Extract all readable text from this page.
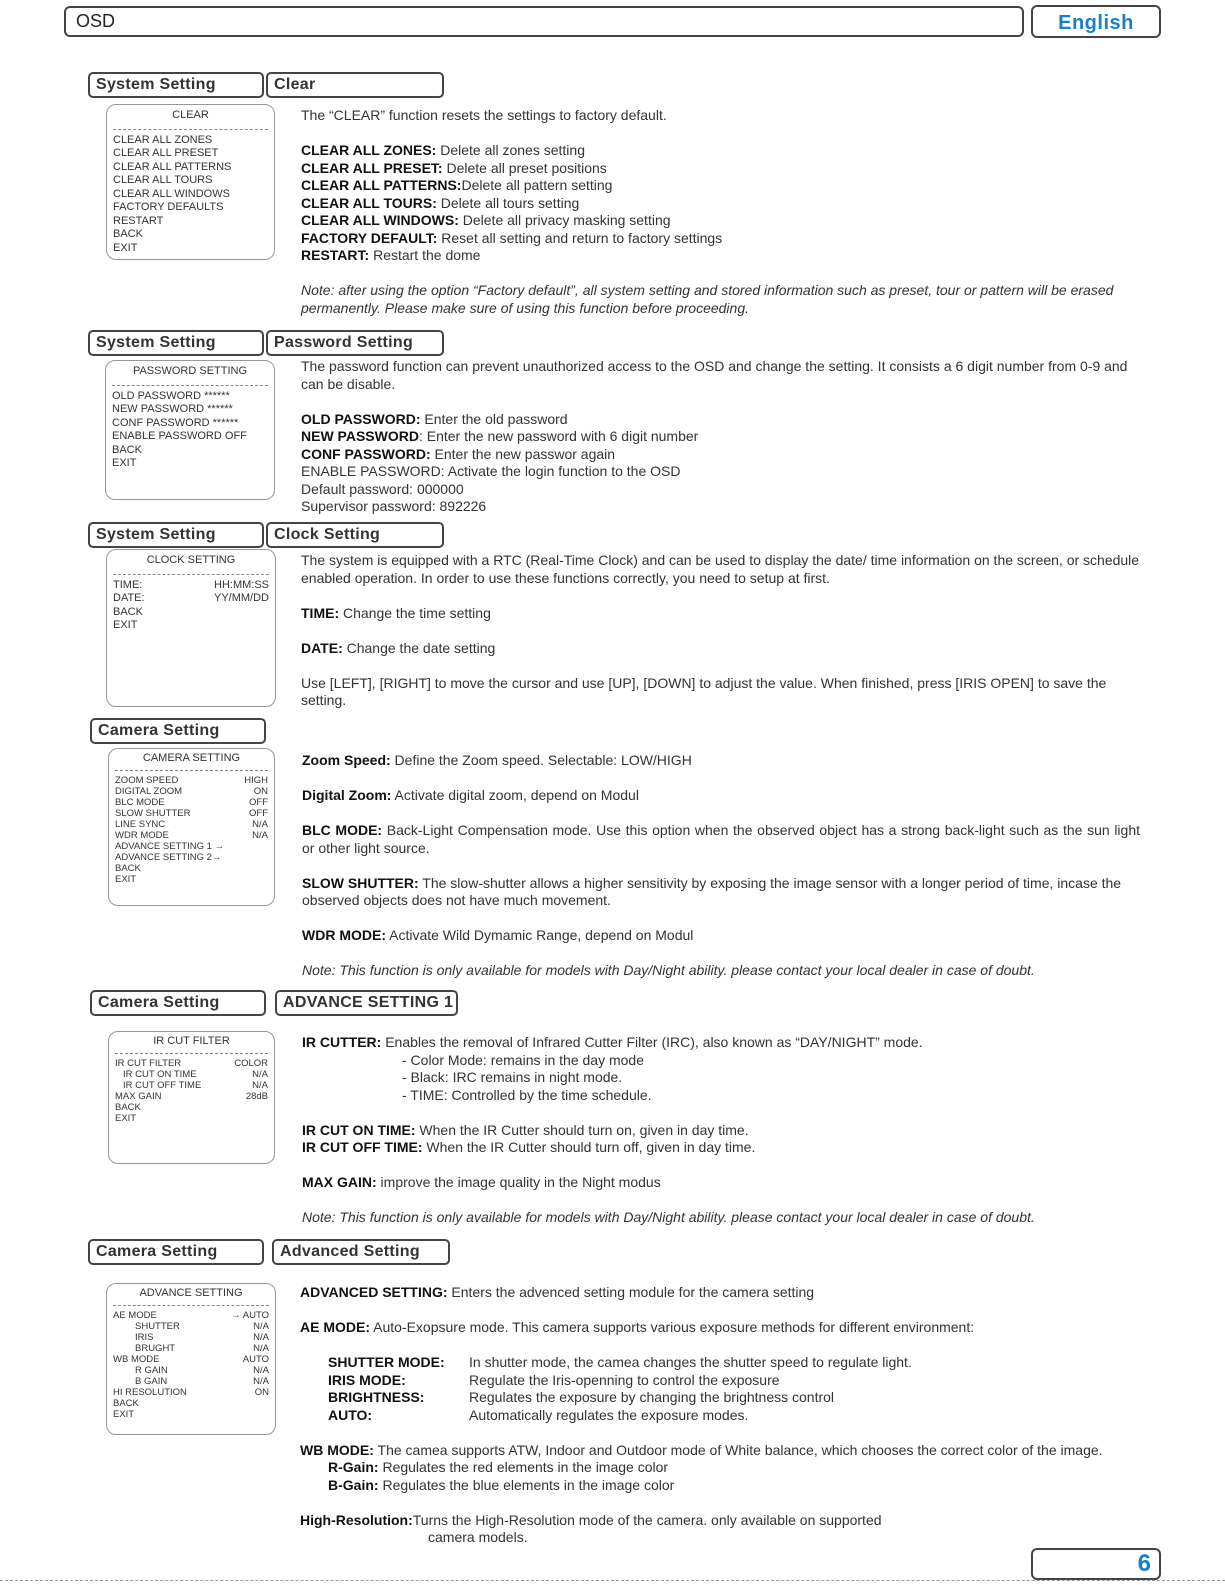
OSD	English
System Setting	Clear
CLEAR
CLEAR ALL ZONES
CLEAR ALL PRESET
CLEAR ALL PATTERNS
CLEAR ALL TOURS
CLEAR ALL WINDOWS
FACTORY DEFAULTS
RESTART
BACK
EXIT

The “CLEAR” function resets the settings to factory default.

CLEAR ALL ZONES: Delete all zones setting

CLEAR ALL PRESET: Delete all preset positions

CLEAR ALL PATTERNS:Delete all pattern setting

CLEAR ALL TOURS: Delete all tours setting

CLEAR ALL WINDOWS: Delete all privacy masking setting

FACTORY DEFAULT: Reset all setting and return to factory settings

RESTART: Restart the dome

Note: after using the option “Factory default”, all system setting and stored information such as preset, tour or pattern will be erased permanently. Please make sure of using this function before proceeding.

System Setting	Password Setting
PASSWORD SETTING
OLD PASSWORD ******
NEW PASSWORD ******
CONF PASSWORD ******
ENABLE PASSWORD OFF
BACK
EXIT

The password function can prevent unauthorized access to the OSD and change the setting. It consists a 6 digit number from 0-9 and can be disable.

OLD PASSWORD: Enter the old password

NEW PASSWORD: Enter the new password with 6 digit number

CONF PASSWORD: Enter the new passwor again

ENABLE PASSWORD: Activate the login function to the OSD

Default password: 000000

Supervisor password: 892226

System Setting	Clock Setting
CLOCK SETTING
TIME:	HH:MM:SS
DATE:	YY/MM/DD
BACK
EXIT

The system is equipped with a RTC (Real-Time Clock) and can be used to display the date/ time information on the screen, or schedule enabled operation. In order to use these functions correctly, you need to setup at first.

TIME: Change the time setting

DATE: Change the date setting

Use [LEFT], [RIGHT] to move the cursor and use [UP], [DOWN] to adjust the value. When finished, press [IRIS OPEN] to save the setting.

Camera Setting
CAMERA SETTING
ZOOM SPEED	HIGH
DIGITAL ZOOM	ON
BLC MODE	OFF
SLOW SHUTTER	OFF
LINE SYNC	N/A
WDR MODE	N/A
ADVANCE SETTING 1 →
ADVANCE SETTING 2→
BACK
EXIT

Zoom Speed: Define the Zoom speed. Selectable: LOW/HIGH

Digital Zoom: Activate digital zoom, depend on Modul

BLC MODE: Back-Light Compensation mode. Use this option when the observed object has a strong back-light such as the sun light or other light source.

SLOW SHUTTER: The slow-shutter allows a higher sensitivity by exposing the image sensor with a longer period of time, incase the observed objects does not have much movement.

WDR MODE: Activate Wild Dymamic Range, depend on Modul

Note: This function is only available for models with Day/Night ability. please contact your local dealer in case of doubt.

Camera Setting	ADVANCE SETTING 1
IR CUT FILTER
IR CUT FILTER	COLOR
IR CUT ON TIME	N/A
IR CUT OFF TIME	N/A
MAX GAIN	28dB
BACK
EXIT

IR CUTTER: Enables the removal of Infrared Cutter Filter (IRC), also known as “DAY/NIGHT” mode.

- Color Mode: remains in the day mode

- Black: IRC remains in night mode.

- TIME: Controlled by the time schedule.

IR CUT ON TIME: When the IR Cutter should turn on, given in day time.

IR CUT OFF TIME: When the IR Cutter should turn off, given in day time.

MAX GAIN: improve the image quality in the Night modus

Note: This function is only available for models with Day/Night ability. please contact your local dealer in case of doubt.

Camera Setting	Advanced Setting
ADVANCE SETTING
AE MODE	→ AUTO
SHUTTER	N/A
IRIS	N/A
BRUGHT	N/A
WB MODE	AUTO
R GAIN	N/A
B GAIN	N/A
HI RESOLUTION	ON
BACK
EXIT

ADVANCED SETTING: Enters the advenced setting module for the camera setting

AE MODE: Auto-Exopsure mode. This camera supports various exposure methods for different environment:

SHUTTER MODE:	In shutter mode, the camea changes the shutter speed to regulate light.
IRIS MODE:	Regulate the Iris-openning to control the exposure
BRIGHTNESS:	Regulates the exposure by changing the brightness control
AUTO:	Automatically regulates the exposure modes.

WB MODE: The camea supports ATW, Indoor and Outdoor mode of White balance, which chooses the correct color of the image.

R-Gain: Regulates the red elements in the image color

B-Gain: Regulates the blue elements in the image color

High-Resolution:Turns the High-Resolution mode of the camera. only available on supported

camera models.

6
